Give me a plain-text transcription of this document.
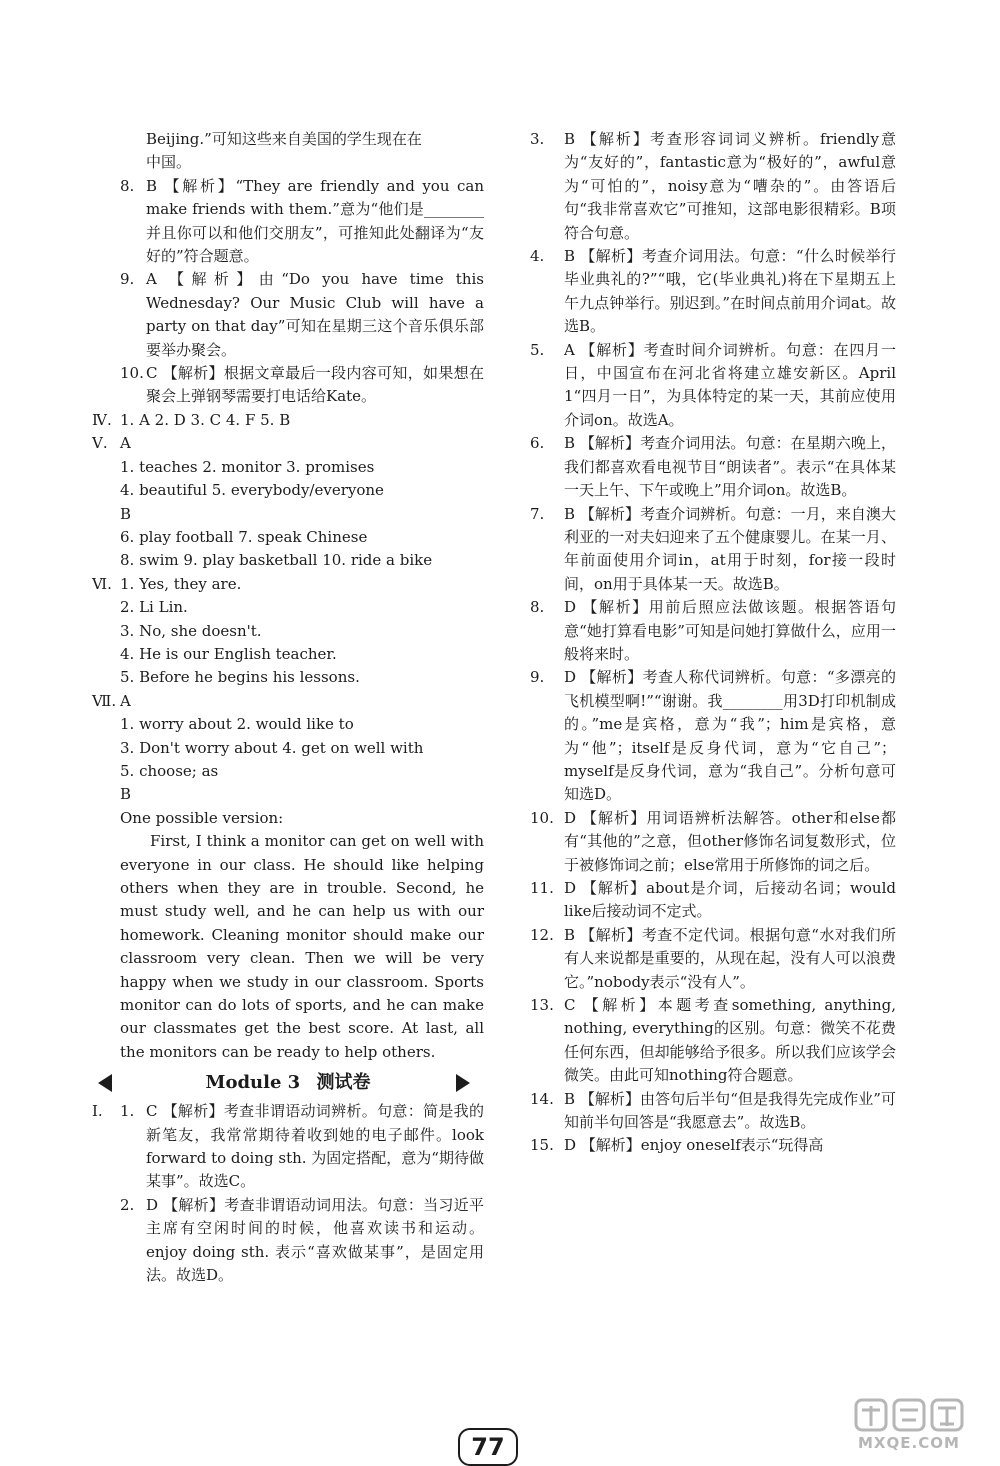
Beijing.”可知这些来自美国的学生现在在

中国。

8. B 【解析】“They are friendly and you can make friends with them.”意为“他们是________并且你可以和他们交朋友”，可推知此处翻译为“友好的”符合题意。
9. A 【解析】由“Do you have time this Wednesday? Our Music Club will have a party on that day”可知在星期三这个音乐俱乐部要举办聚会。
10. C 【解析】根据文章最后一段内容可知，如果想在聚会上弹钢琴需要打电话给Kate。
Ⅳ. 1. A 2. D 3. C 4. F 5. B
Ⅴ. A
1. teaches 2. monitor 3. promises
4. beautiful 5. everybody/everyone
B
6. play football 7. speak Chinese
8. swim 9. play basketball 10. ride a bike
Ⅵ. 1. Yes, they are.
2. Li Lin.
3. No, she doesn't.
4. He is our English teacher.
5. Before he begins his lessons.
Ⅶ. A
1. worry about 2. would like to
3. Don't worry about 4. get on well with
5. choose; as
B

One possible version:

First, I think a monitor can get on well with everyone in our class. He should like helping others when they are in trouble. Second, he must study well, and he can help us with our homework. Cleaning monitor should make our classroom very clean. Then we will be very happy when we study in our classroom. Sports monitor can do lots of sports, and he can make our classmates get the best score. At last, all the monitors can be ready to help others.

Module 3 测试卷
Ⅰ. 1. C 【解析】考查非谓语动词辨析。句意：简是我的新笔友，我常常期待着收到她的电子邮件。look forward to doing sth. 为固定搭配，意为“期待做某事”。故选C。
2. D 【解析】考查非谓语动词用法。句意：当习近平主席有空闲时间的时候，他喜欢读书和运动。enjoy doing sth. 表示“喜欢做某事”，是固定用法。故选D。
3. B 【解析】考查形容词词义辨析。friendly意为“友好的”，fantastic意为“极好的”，awful意为“可怕的”，noisy意为“嘈杂的”。由答语后句“我非常喜欢它”可推知，这部电影很精彩。B项符合句意。
4. B 【解析】考查介词用法。句意：“什么时候举行毕业典礼的?”“哦，它(毕业典礼)将在下星期五上午九点钟举行。别迟到。”在时间点前用介词at。故选B。
5. A 【解析】考查时间介词辨析。句意：在四月一日，中国宣布在河北省将建立雄安新区。April 1“四月一日”，为具体特定的某一天，其前应使用介词on。故选A。
6. B 【解析】考查介词用法。句意：在星期六晚上，我们都喜欢看电视节目“朗读者”。表示“在具体某一天上午、下午或晚上”用介词on。故选B。
7. B 【解析】考查介词辨析。句意：一月，来自澳大利亚的一对夫妇迎来了五个健康婴儿。在某一月、年前面使用介词in，at用于时刻，for接一段时间，on用于具体某一天。故选B。
8. D 【解析】用前后照应法做该题。根据答语句意“她打算看电影”可知是问她打算做什么，应用一般将来时。
9. D 【解析】考查人称代词辨析。句意：“多漂亮的飞机模型啊!”“谢谢。我________用3D打印机制成的。”me是宾格，意为“我”；him是宾格，意为“他”；itself是反身代词，意为“它自己”；myself是反身代词，意为“我自己”。分析句意可知选D。
10. D 【解析】用词语辨析法解答。other和else都有“其他的”之意，但other修饰名词复数形式，位于被修饰词之前；else常用于所修饰的词之后。
11. D 【解析】about是介词，后接动名词；would like后接动词不定式。
12. B 【解析】考查不定代词。根据句意“水对我们所有人来说都是重要的，从现在起，没有人可以浪费它。”nobody表示“没有人”。
13. C 【解析】本题考查something, anything, nothing, everything的区别。句意：微笑不花费任何东西，但却能够给予很多。所以我们应该学会微笑。由此可知nothing符合题意。
14. B 【解析】由答句后半句“但是我得先完成作业”可知前半句回答是“我愿意去”。故选B。
15. D 【解析】enjoy oneself表示“玩得高
77	MXQE.COM
